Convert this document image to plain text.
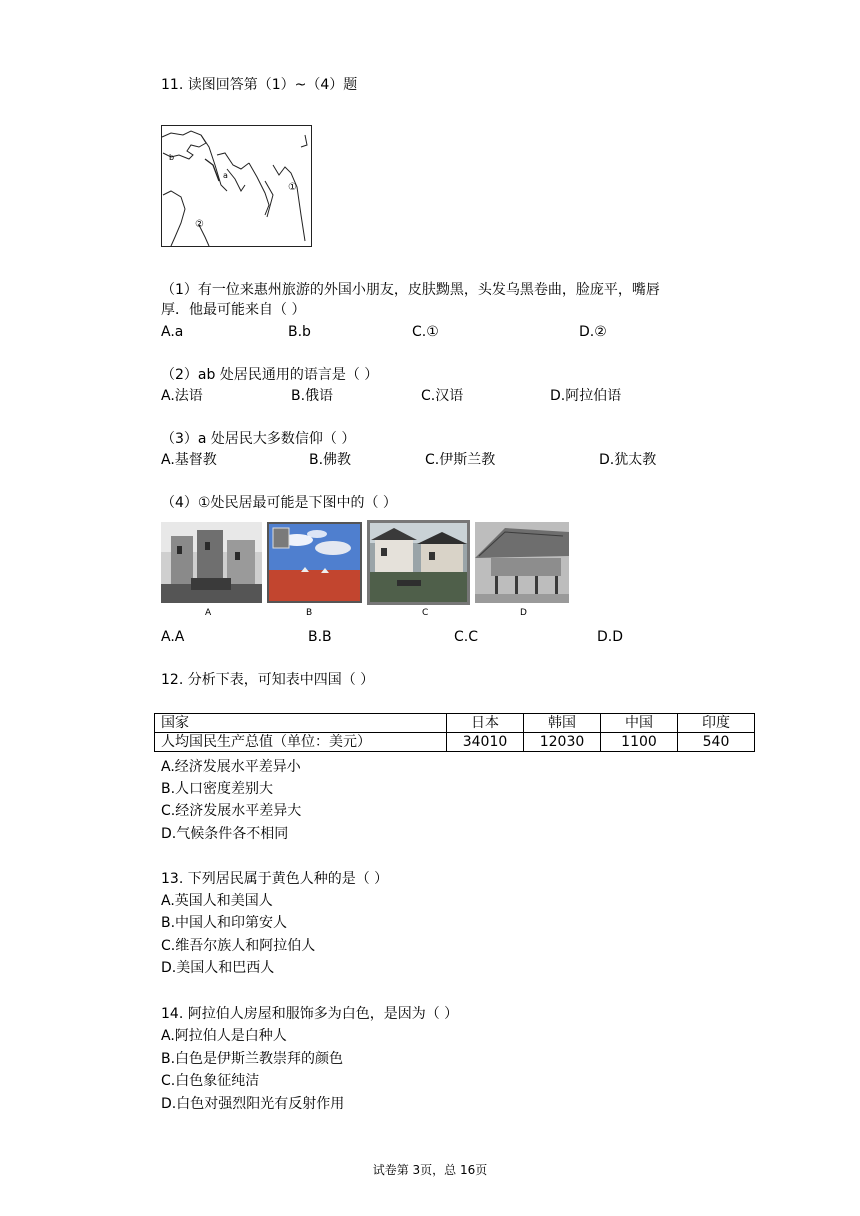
11. 读图回答第（1）~（4）题
b
a
①
②
（1）有一位来惠州旅游的外国小朋友，皮肤黝黑，头发乌黑卷曲，脸庞平，嘴唇
厚．他最可能来自（ ）
A.a	B.b	C.①	D.②
（2）ab 处居民通用的语言是（ ）
A.法语	B.俄语	C.汉语	D.阿拉伯语
（3）a 处居民大多数信仰（ ）
A.基督教	B.佛教	C.伊斯兰教	D.犹太教
（4）①处民居最可能是下图中的（ ）
A	B	C	D
A.A	B.B	C.C	D.D
12. 分析下表，可知表中四国（ ）
国家	日本	韩国	中国	印度
人均国民生产总值（单位：美元）	34010	12030	1100	540
A.经济发展水平差异小
B.人口密度差别大
C.经济发展水平差异大
D.气候条件各不相同
13. 下列居民属于黄色人种的是（ ）
A.英国人和美国人
B.中国人和印第安人
C.维吾尔族人和阿拉伯人
D.美国人和巴西人
14. 阿拉伯人房屋和服饰多为白色，是因为（ ）
A.阿拉伯人是白种人
B.白色是伊斯兰教崇拜的颜色
C.白色象征纯洁
D.白色对强烈阳光有反射作用
试卷第 3页，总 16页
